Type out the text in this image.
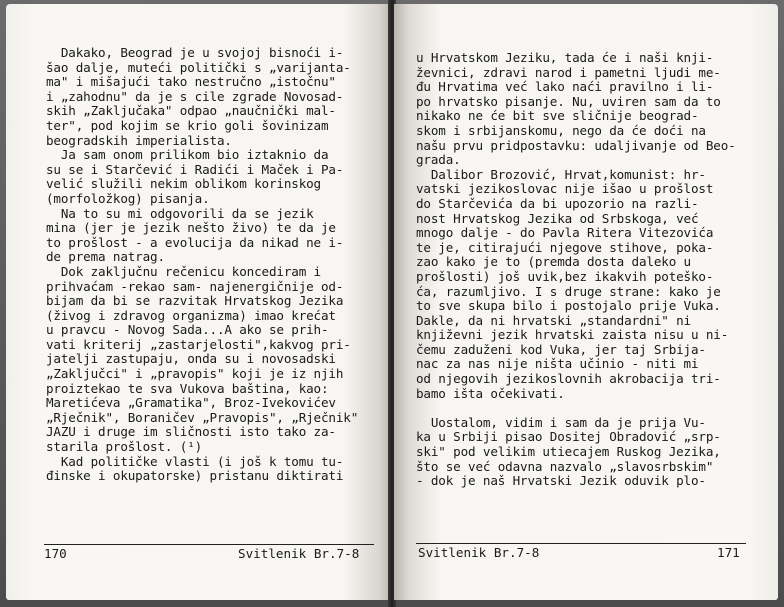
Dakako, Beograd je u svojoj bisnoći i-
šao dalje, muteći politički s „varijanta-
ma" i mišajući tako nestručno „istočnu"
i „zahodnu" da je s cile zgrade Novosad-
skih „Zaključaka" odpao „naučnički mal-
ter", pod kojim se krio goli šovinizam
beogradskih imperialista.
Ja sam onom prilikom bio iztaknio da
su se i Starčević i Radići i Maček i Pa-
velić služili nekim oblikom korinskog
(morfoložkog) pisanja.
Na to su mi odgovorili da se jezik
mina (jer je jezik nešto živo) te da je
to prošlost - a evolucija da nikad ne i-
de prema natrag.
Dok zaključnu rečenicu koncediram i
prihvaćam -rekao sam- najenergičnije od-
bijam da bi se razvitak Hrvatskog Jezika
(živog i zdravog organizma) imao krećat
u pravcu - Novog Sada...A ako se prih-
vati kriterij „zastarjelosti",kakvog pri-
jatelji zastupaju, onda su i novosadski
„Zaključci" i „pravopis" koji je iz njih
proiztekao te sva Vukova baština, kao:
Maretićeva „Gramatika", Broz-Ivekovićev
„Rječnik", Boraničev „Pravopis", „Rječnik"
JAZU i druge im sličnosti isto tako za-
starila prošlost. (¹)
Kad političke vlasti (i još k tomu tu-
đinske i okupatorske) pristanu diktirati
170	Svitlenik Br.7-8
u Hrvatskom Jeziku, tada će i naši knji-
ževnici, zdravi narod i pametni ljudi me-
đu Hrvatima već lako naći pravilno i li-
po hrvatsko pisanje. Nu, uviren sam da to
nikako ne će bit sve sličnije beograd-
skom i srbijanskomu, nego da će doći na
našu prvu pridpostavku: udaljivanje od Beo-
grada.
Dalibor Brozović, Hrvat,komunist: hr-
vatski jezikoslovac nije išao u prošlost
do Starčevića da bi upozorio na razli-
nost Hrvatskog Jezika od Srbskoga, već
mnogo dalje - do Pavla Ritera Vitezovića
te je, citirajući njegove stihove, poka-
zao kako je to (premda dosta daleko u
prošlosti) još uvik,bez ikakvih poteško-
ća, razumljivo. I s druge strane: kako je
to sve skupa bilo i postojalo prije Vuka.
Dakle, da ni hrvatski „standardni" ni
književni jezik hrvatski zaista nisu u ni-
čemu zaduženi kod Vuka, jer taj Srbija-
nac za nas nije ništa učinio - niti mi
od njegovih jezikoslovnih akrobacija tri-
bamo išta očekivati.
Uostalom, vidim i sam da je prija Vu-
ka u Srbiji pisao Dositej Obradović „srp-
ski" pod velikim utiecajem Ruskog Jezika,
što se već odavna nazvalo „slavosrbskim"
- dok je naš Hrvatski Jezik oduvik plo-
Svitlenik Br.7-8	171
